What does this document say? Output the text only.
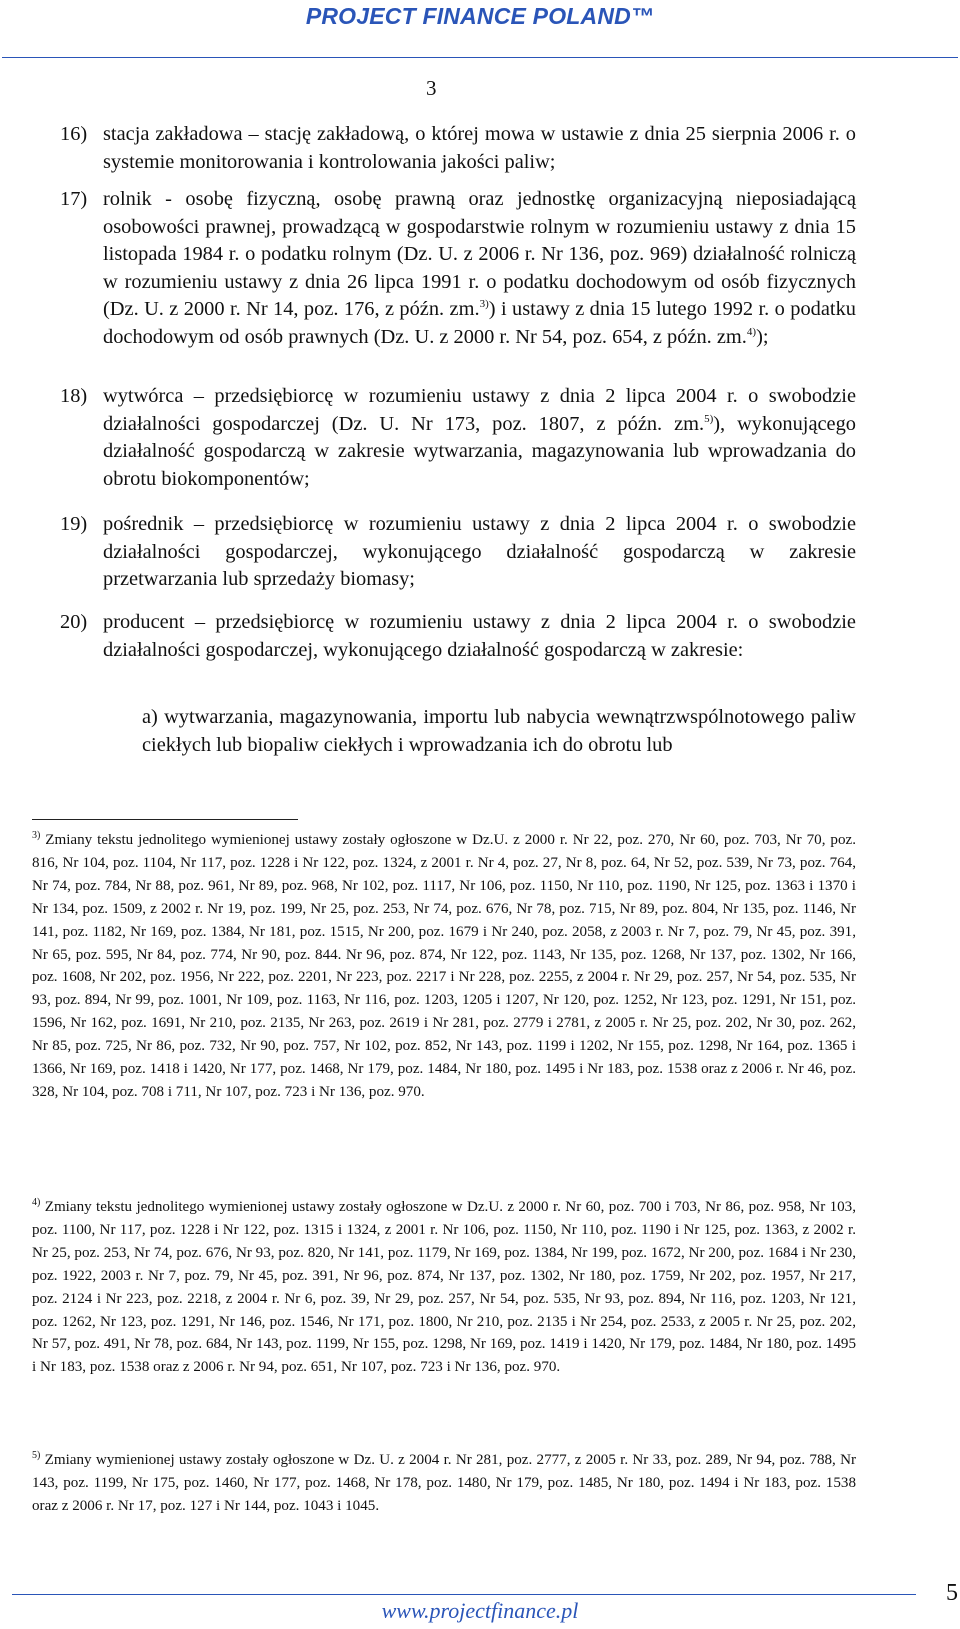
PROJECT FINANCE POLAND™
3
16) stacja zakładowa – stację zakładową, o której mowa w ustawie z dnia 25 sierpnia 2006 r. o systemie monitorowania i kontrolowania jakości paliw;
17) rolnik - osobę fizyczną, osobę prawną oraz jednostkę organizacyjną nieposiadającą osobowości prawnej, prowadzącą w gospodarstwie rolnym w rozumieniu ustawy z dnia 15 listopada 1984 r. o podatku rolnym (Dz. U. z 2006 r. Nr 136, poz. 969) działalność rolniczą w rozumieniu ustawy z dnia 26 lipca 1991 r. o podatku dochodowym od osób fizycznych (Dz. U. z 2000 r. Nr 14, poz. 176, z późn. zm.$^{3)}$) i ustawy z dnia 15 lutego 1992 r. o podatku dochodowym od osób prawnych (Dz. U. z 2000 r. Nr 54, poz. 654, z późn. zm.$^{4)}$);
18) wytwórca – przedsiębiorcę w rozumieniu ustawy z dnia 2 lipca 2004 r. o swobodzie działalności gospodarczej (Dz. U. Nr 173, poz. 1807, z późn. zm.$^{5)}$), wykonującego działalność gospodarczą w zakresie wytwarzania, magazynowania lub wprowadzania do obrotu biokomponentów;
19) pośrednik – przedsiębiorcę w rozumieniu ustawy z dnia 2 lipca 2004 r. o swobodzie działalności gospodarczej, wykonującego działalność gospodarczą w zakresie przetwarzania lub sprzedaży biomasy;
20) producent – przedsiębiorcę w rozumieniu ustawy z dnia 2 lipca 2004 r. o swobodzie działalności gospodarczej, wykonującego działalność gospodarczą w zakresie:
a) wytwarzania, magazynowania, importu lub nabycia wewnątrzwspólnotowego paliw ciekłych lub biopaliw ciekłych i wprowadzania ich do obrotu lub
$^{3)}$ Zmiany tekstu jednolitego wymienionej ustawy zostały ogłoszone w Dz.U. z 2000 r. Nr 22, poz. 270, Nr 60, poz. 703, Nr 70, poz. 816, Nr 104, poz. 1104, Nr 117, poz. 1228 i Nr 122, poz. 1324, z 2001 r. Nr 4, poz. 27, Nr 8, poz. 64, Nr 52, poz. 539, Nr 73, poz. 764, Nr 74, poz. 784, Nr 88, poz. 961, Nr 89, poz. 968, Nr 102, poz. 1117, Nr 106, poz. 1150, Nr 110, poz. 1190, Nr 125, poz. 1363 i 1370 i Nr 134, poz. 1509, z 2002 r. Nr 19, poz. 199, Nr 25, poz. 253, Nr 74, poz. 676, Nr 78, poz. 715, Nr 89, poz. 804, Nr 135, poz. 1146, Nr 141, poz. 1182, Nr 169, poz. 1384, Nr 181, poz. 1515, Nr 200, poz. 1679 i Nr 240, poz. 2058, z 2003 r. Nr 7, poz. 79, Nr 45, poz. 391, Nr 65, poz. 595, Nr 84, poz. 774, Nr 90, poz. 844. Nr 96, poz. 874, Nr 122, poz. 1143, Nr 135, poz. 1268, Nr 137, poz. 1302, Nr 166, poz. 1608, Nr 202, poz. 1956, Nr 222, poz. 2201, Nr 223, poz. 2217 i Nr 228, poz. 2255, z 2004 r. Nr 29, poz. 257, Nr 54, poz. 535, Nr 93, poz. 894, Nr 99, poz. 1001, Nr 109, poz. 1163, Nr 116, poz. 1203, 1205 i 1207, Nr 120, poz. 1252, Nr 123, poz. 1291, Nr 151, poz. 1596, Nr 162, poz. 1691, Nr 210, poz. 2135, Nr 263, poz. 2619 i Nr 281, poz. 2779 i 2781, z 2005 r. Nr 25, poz. 202, Nr 30, poz. 262, Nr 85, poz. 725, Nr 86, poz. 732, Nr 90, poz. 757, Nr 102, poz. 852, Nr 143, poz. 1199 i 1202, Nr 155, poz. 1298, Nr 164, poz. 1365 i 1366, Nr 169, poz. 1418 i 1420, Nr 177, poz. 1468, Nr 179, poz. 1484, Nr 180, poz. 1495 i Nr 183, poz. 1538 oraz z 2006 r. Nr 46, poz. 328, Nr 104, poz. 708 i 711, Nr 107, poz. 723 i Nr 136, poz. 970.
$^{4)}$ Zmiany tekstu jednolitego wymienionej ustawy zostały ogłoszone w Dz.U. z 2000 r. Nr 60, poz. 700 i 703, Nr 86, poz. 958, Nr 103, poz. 1100, Nr 117, poz. 1228 i Nr 122, poz. 1315 i 1324, z 2001 r. Nr 106, poz. 1150, Nr 110, poz. 1190 i Nr 125, poz. 1363, z 2002 r. Nr 25, poz. 253, Nr 74, poz. 676, Nr 93, poz. 820, Nr 141, poz. 1179, Nr 169, poz. 1384, Nr 199, poz. 1672, Nr 200, poz. 1684 i Nr 230, poz. 1922, 2003 r. Nr 7, poz. 79, Nr 45, poz. 391, Nr 96, poz. 874, Nr 137, poz. 1302, Nr 180, poz. 1759, Nr 202, poz. 1957, Nr 217, poz. 2124 i Nr 223, poz. 2218, z 2004 r. Nr 6, poz. 39, Nr 29, poz. 257, Nr 54, poz. 535, Nr 93, poz. 894, Nr 116, poz. 1203, Nr 121, poz. 1262, Nr 123, poz. 1291, Nr 146, poz. 1546, Nr 171, poz. 1800, Nr 210, poz. 2135 i Nr 254, poz. 2533, z 2005 r. Nr 25, poz. 202, Nr 57, poz. 491, Nr 78, poz. 684, Nr 143, poz. 1199, Nr 155, poz. 1298, Nr 169, poz. 1419 i 1420, Nr 179, poz. 1484, Nr 180, poz. 1495 i Nr 183, poz. 1538 oraz z 2006 r. Nr 94, poz. 651, Nr 107, poz. 723 i Nr 136, poz. 970.
$^{5)}$ Zmiany wymienionej ustawy zostały ogłoszone w Dz. U. z 2004 r. Nr 281, poz. 2777, z 2005 r. Nr 33, poz. 289, Nr 94, poz. 788, Nr 143, poz. 1199, Nr 175, poz. 1460, Nr 177, poz. 1468, Nr 178, poz. 1480, Nr 179, poz. 1485, Nr 180, poz. 1494 i Nr 183, poz. 1538 oraz z 2006 r. Nr 17, poz. 127 i Nr 144, poz. 1043 i 1045.
5
www.projectfinance.pl
